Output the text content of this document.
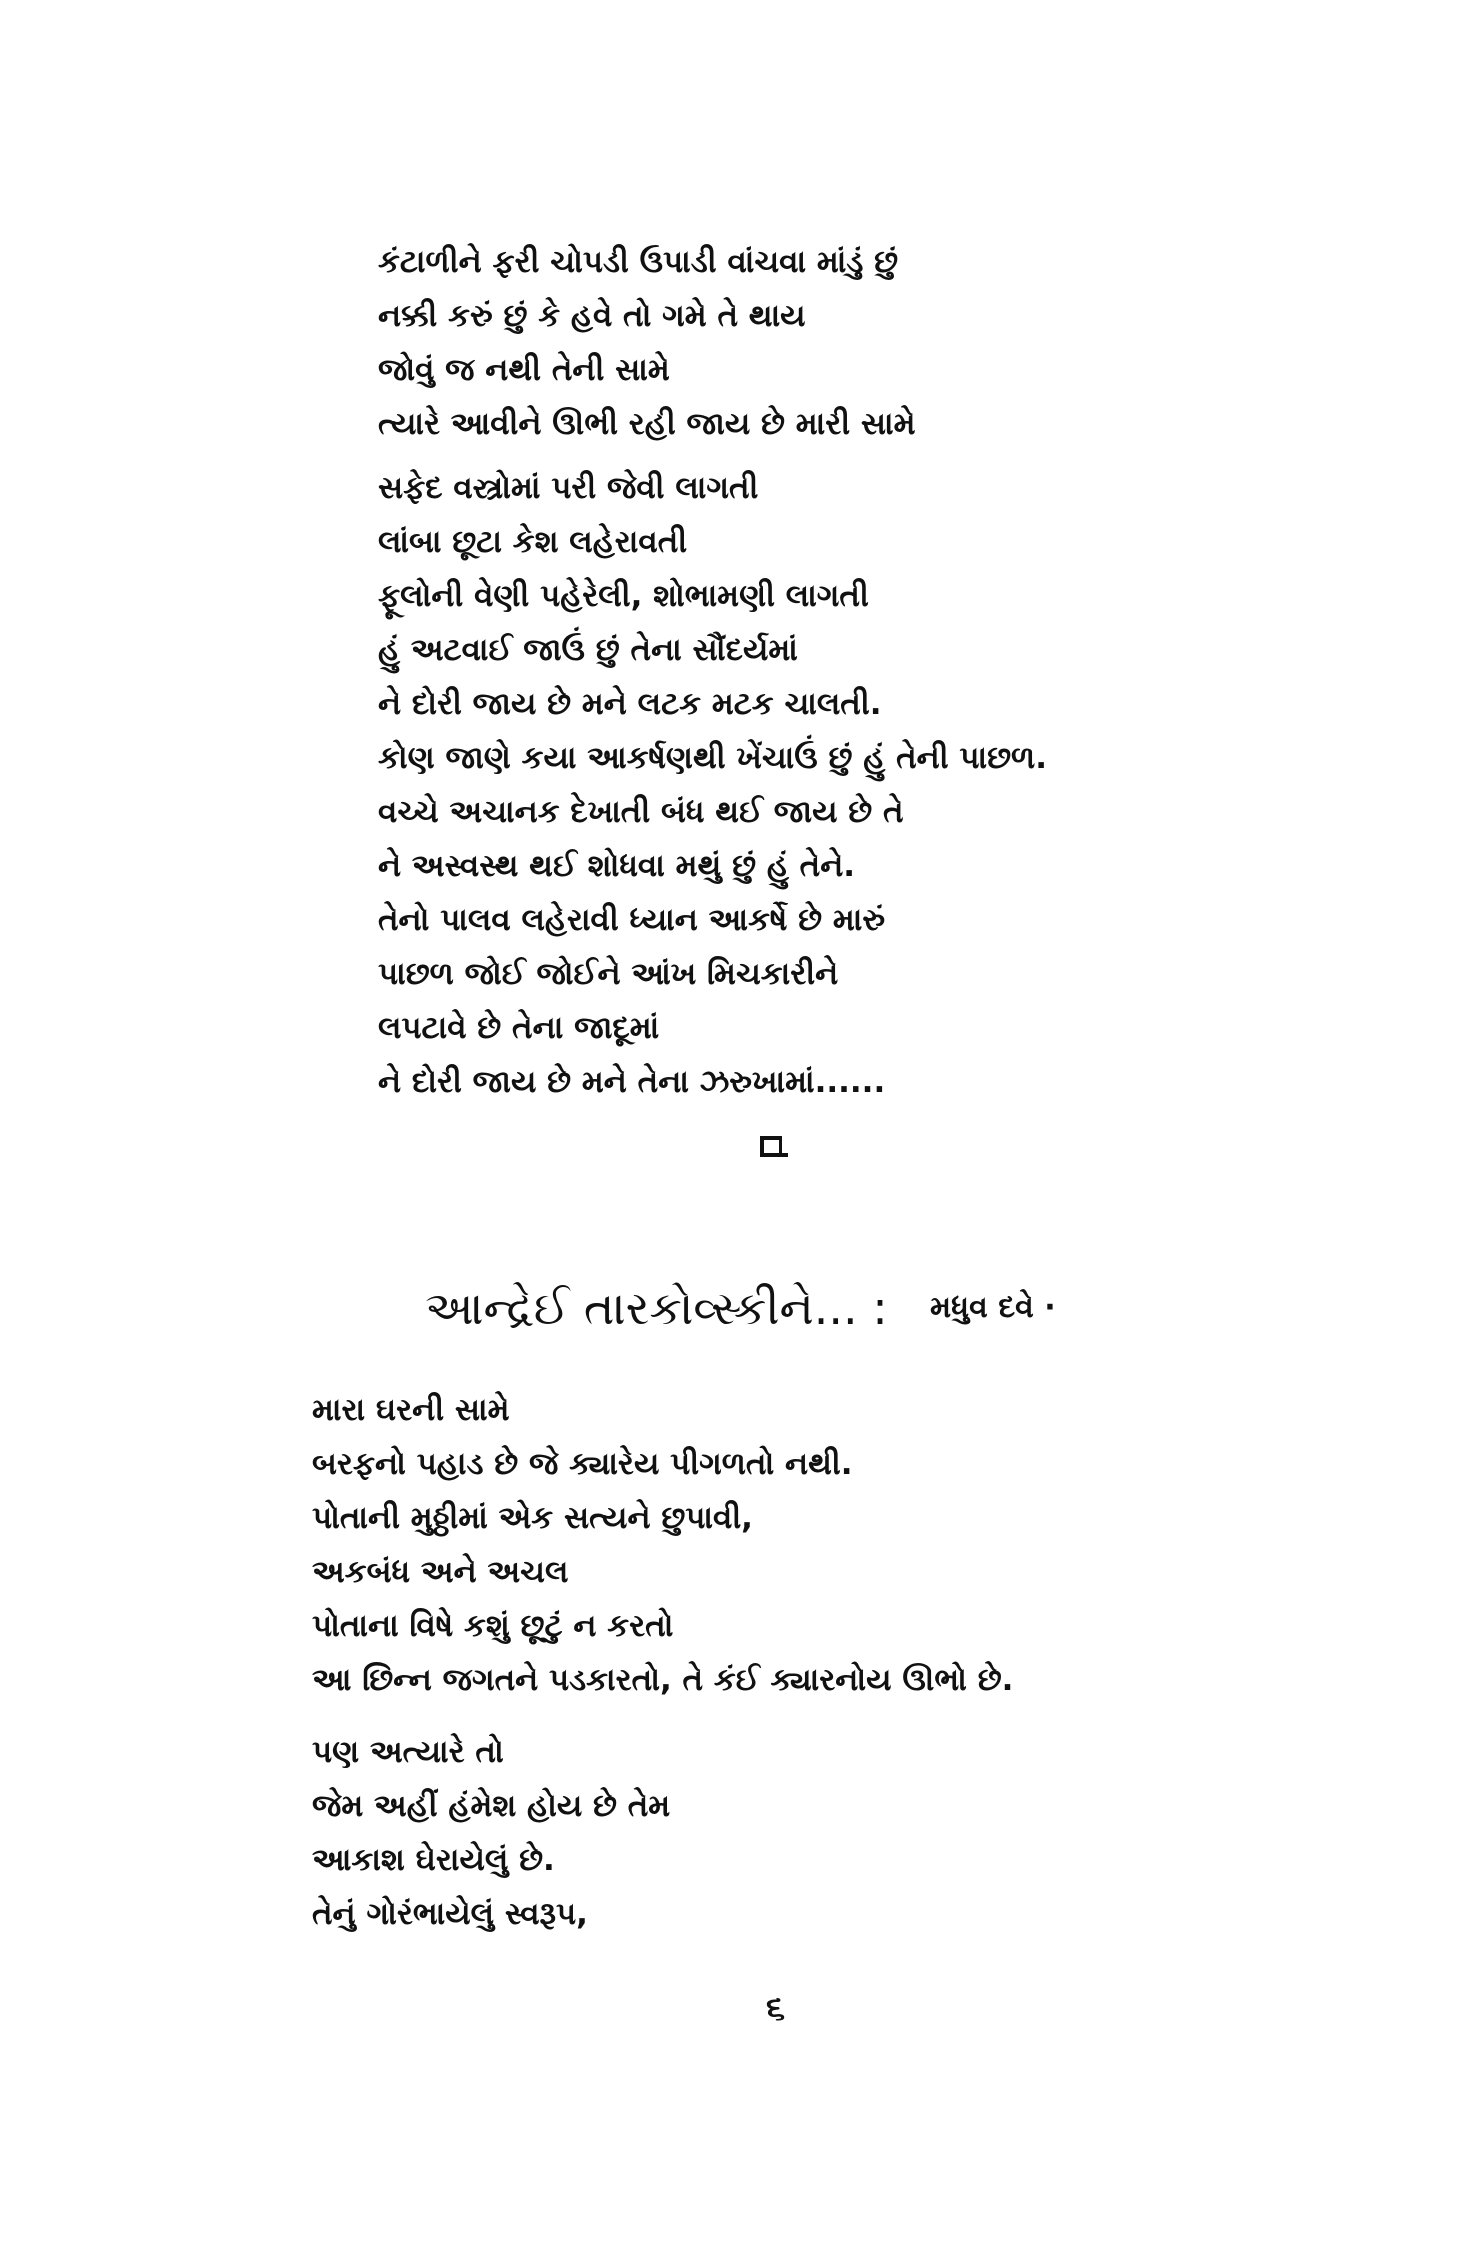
કંટાળીને ફરી ચોપડી ઉપાડી વાંચવા માંડું છું
નક્કી કરું છું કે હવે તો ગમે તે થાય
જોવું જ નથી તેની સામે
ત્યારે આવીને ઊભી રહી જાય છે મારી સામે
સફેદ વસ્ત્રોમાં પરી જેવી લાગતી
લાંબા છૂટા કેશ લહેરાવતી
ફૂલોની વેણી પહેરેલી, શોભામણી લાગતી
હું અટવાઈ જાઉં છું તેના સૌંદર્યમાં
ને દોરી જાય છે મને લટક મટક ચાલતી.
કોણ જાણે કયા આકર્ષણથી ખેંચાઉં છું હું તેની પાછળ.
વચ્ચે અચાનક દેખાતી બંધ થઈ જાય છે તે
ને અસ્વસ્થ થઈ શોધવા મથું છું હું તેને.
તેનો પાલવ લહેરાવી ધ્યાન આકર્ષે છે મારું
પાછળ જોઈ જોઈને આંખ મિચકારીને
લપટાવે છે તેના જાદૂમાં
ને દોરી જાય છે મને તેના ઝરુખામાં......
આન્દ્રેઈ તારકોવ્સ્કીને... : મધુવ દવે ·
મારા ઘરની સામે
બરફનો પહાડ છે જે ક્યારેય પીગળતો નથી.
પોતાની મુઠ્ઠીમાં એક સત્યને છુપાવી,
અકબંધ અને અચલ
પોતાના વિષે કશું છૂટું ન કરતો
આ છિન્ન જગતને પડકારતો, તે કંઈ ક્યારનોય ઊભો છે.
પણ અત્યારે તો
જેમ અહીં હંમેશ હોય છે તેમ
આકાશ ઘેરાયેલું છે.
તેનું ગોરંભાયેલું સ્વરૂપ,
૬
